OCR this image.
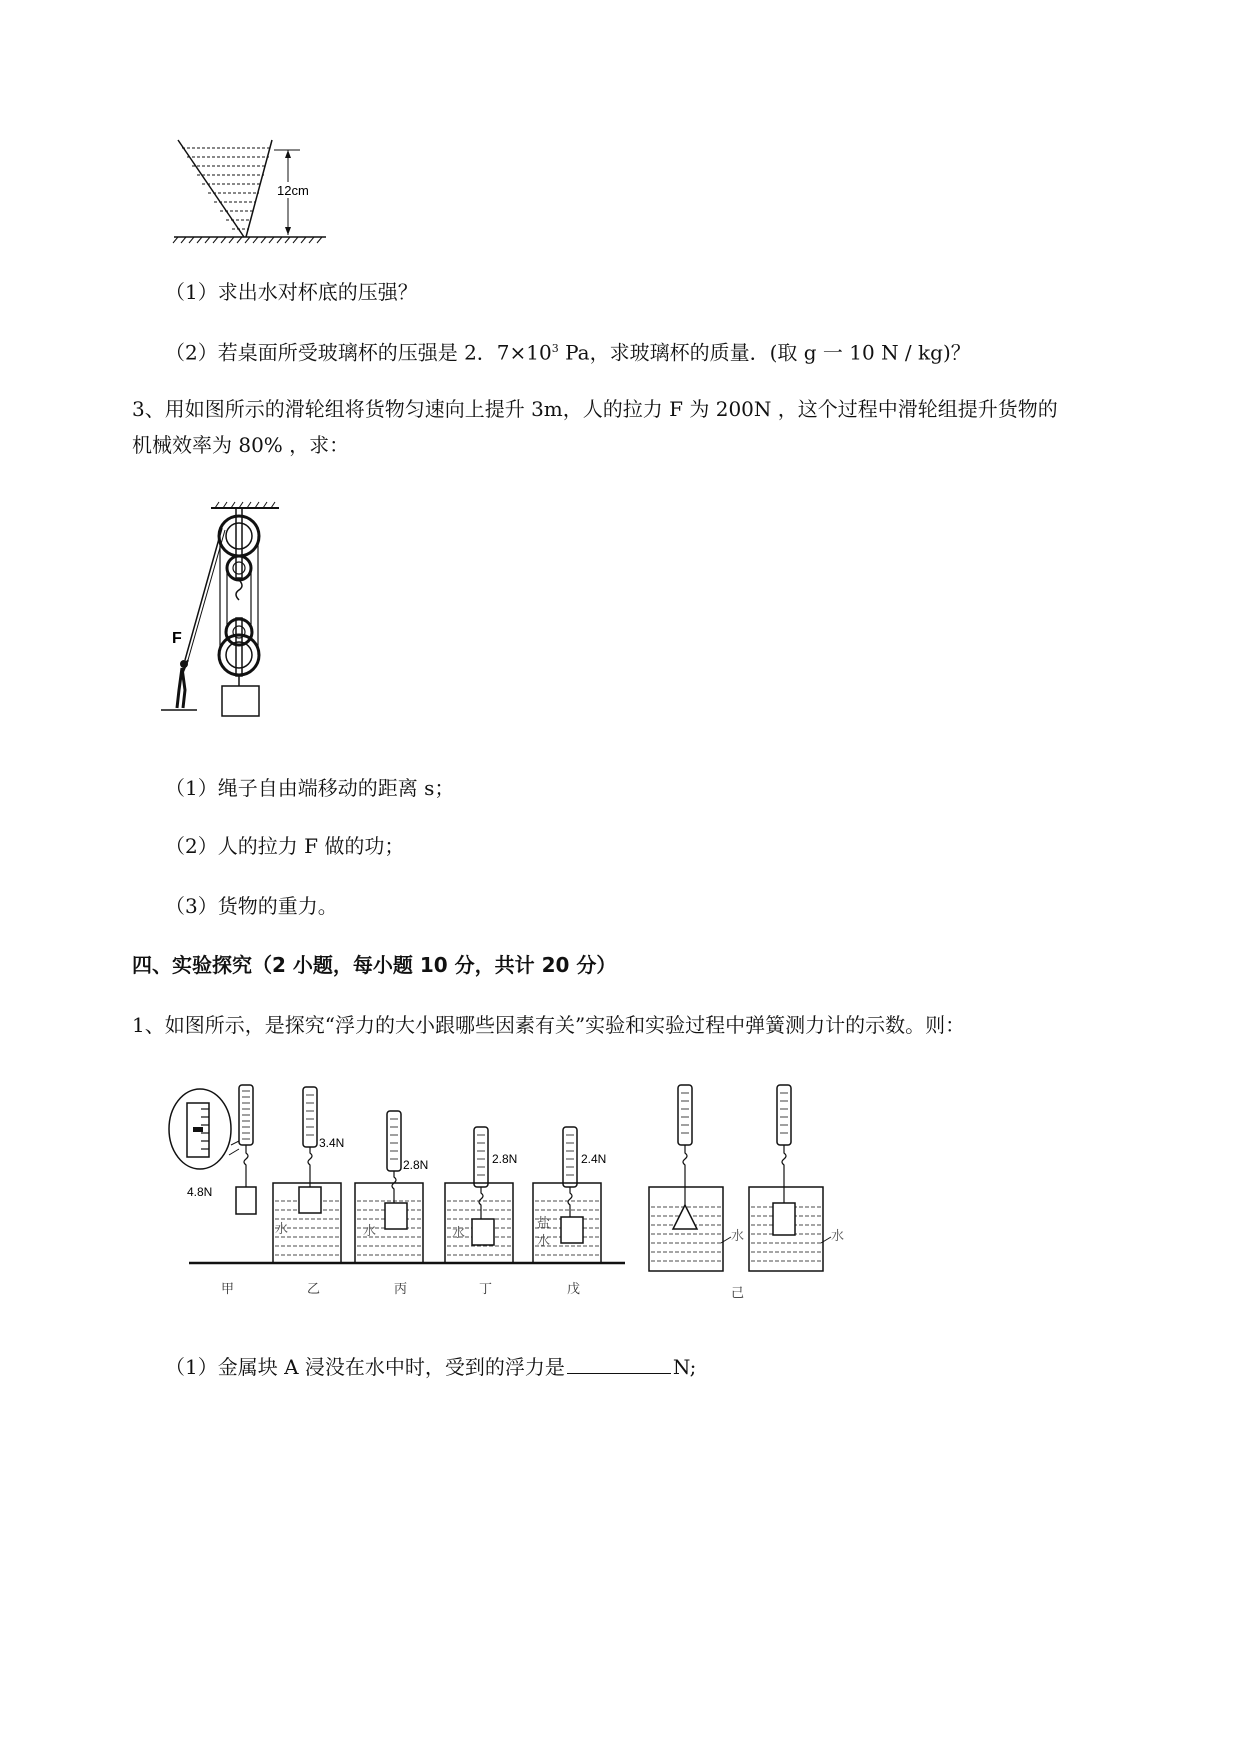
12cm
（1）求出水对杯底的压强？
（2）若桌面所受玻璃杯的压强是 2．$7\times 10^3$ Pa，求玻璃杯的质量．(取 g 一 10 N / kg)？
3、用如图所示的滑轮组将货物匀速向上提升 3m，人的拉力 F 为 200N ，这个过程中滑轮组提升货物的
机械效率为 80% ，求：
F
（1）绳子自由端移动的距离 s；
（2）人的拉力 F 做的功；
（3）货物的重力。
四、实验探究（2 小题，每小题 10 分，共计 20 分）
1、如图所示，是探究“浮力的大小跟哪些因素有关”实验和实验过程中弹簧测力计的示数。则：
4.8N
3.4N
水
2.8N
水
2.8N
水
2.4N
盐
水	水	水
甲	乙	丙	丁	戊	己
（1）金属块 A 浸没在水中时，受到的浮力是	N;
